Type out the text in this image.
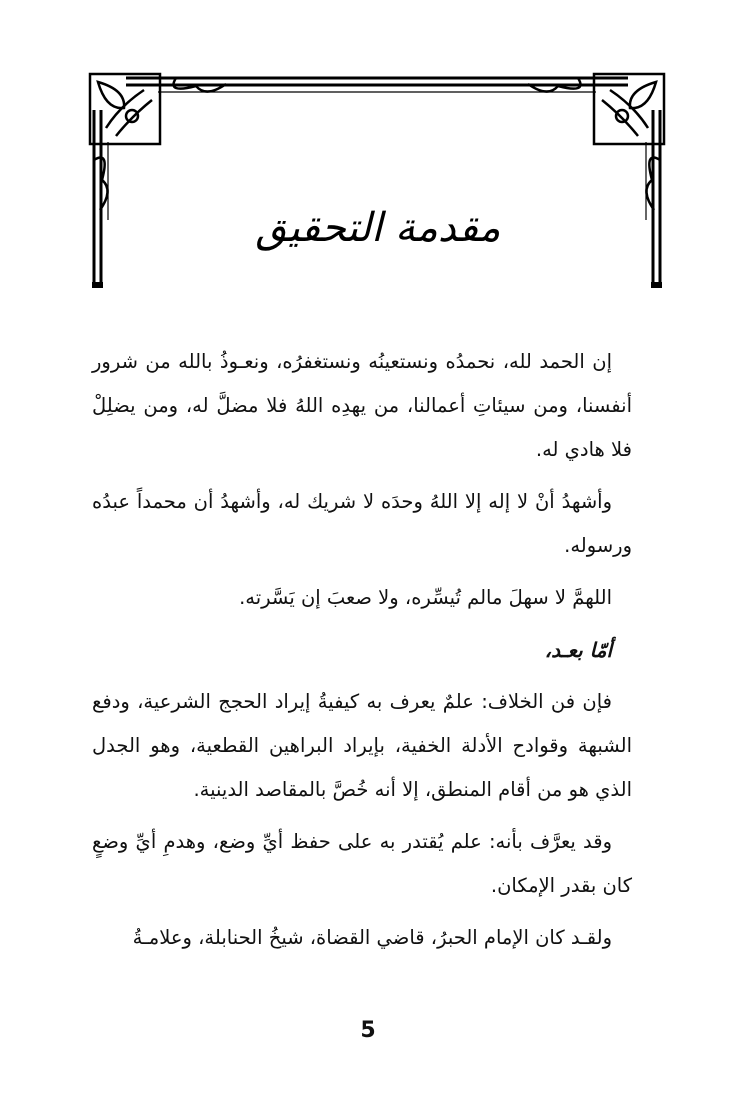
مقدمة التحقيق

إن الحمد لله، نحمدُه ونستعينُه ونستغفرُه، ونعـوذُ بالله من شرور أنفسنا، ومن سيئاتِ أعمالنا، من يهدِه اللهُ فلا مضلَّ له، ومن يضلِلْ فلا هادي له.

وأشهدُ أنْ لا إله إلا اللهُ وحدَه لا شريك له، وأشهدُ أن محمداً عبدُه ورسوله.

اللهمَّ لا سهلَ مالم تُيسِّره، ولا صعبَ إن يَسَّرته.

أمّا بعـد،

فإن فن الخلاف: علمٌ يعرف به كيفيةُ إيراد الحجج الشرعية، ودفع الشبهة وقوادح الأدلة الخفية، بإيراد البراهين القطعية، وهو الجدل الذي هو من أقام المنطق، إلا أنه خُصَّ بالمقاصد الدينية.

وقد يعرَّف بأنه: علم يُقتدر به على حفظ أيِّ وضع، وهدمِ أيِّ وضعٍ كان بقدر الإمكان.

ولقـد كان الإمام الحبرُ، قاضي القضاة، شيخُ الحنابلة، وعلامـةُ

5
